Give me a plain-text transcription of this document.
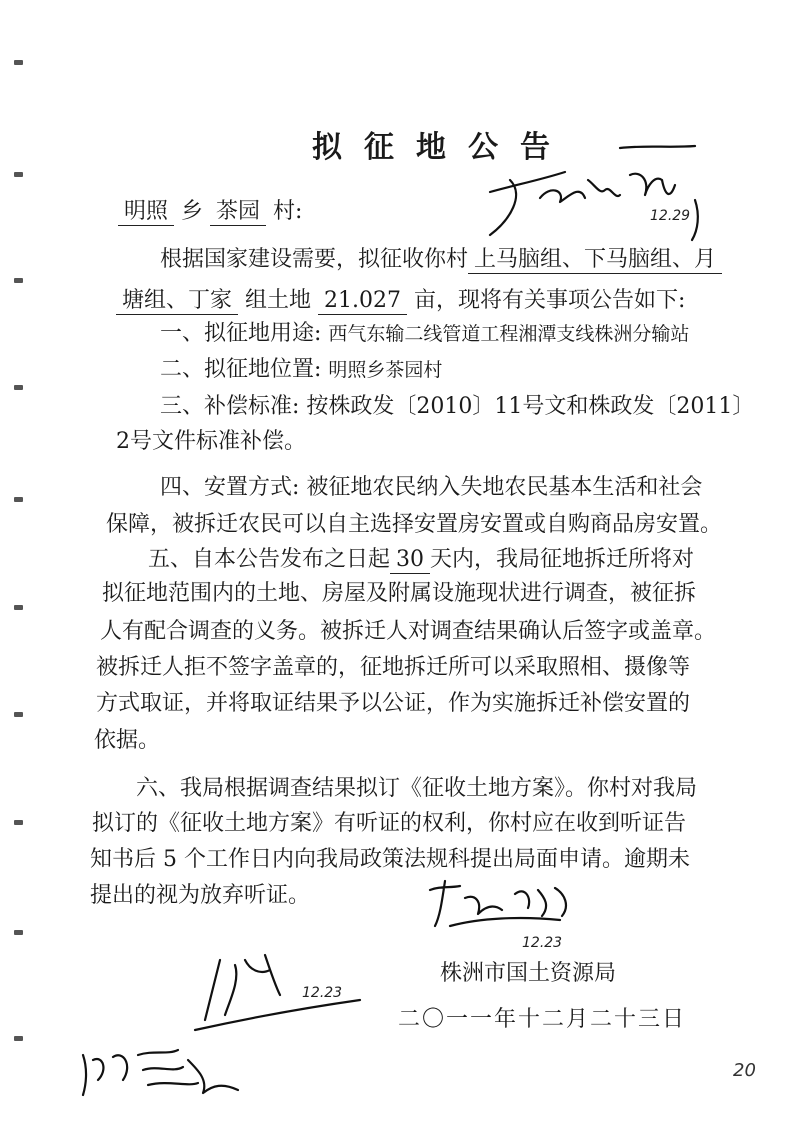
拟征地公告
12.29
明照 乡 茶园 村:
根据国家建设需要，拟征收你村 上马脑组、下马脑组、月
塘组、丁家 组土地 21.027 亩，现将有关事项公告如下:
一、拟征地用途: 西气东输二线管道工程湘潭支线株洲分输站
二、拟征地位置: 明照乡茶园村
三、补偿标准: 按株政发〔2010〕11号文和株政发〔2011〕
2号文件标准补偿。
四、安置方式: 被征地农民纳入失地农民基本生活和社会
保障，被拆迁农民可以自主选择安置房安置或自购商品房安置。
五、自本公告发布之日起 30 天内，我局征地拆迁所将对
拟征地范围内的土地、房屋及附属设施现状进行调查，被征拆
人有配合调查的义务。被拆迁人对调查结果确认后签字或盖章。
被拆迁人拒不签字盖章的，征地拆迁所可以采取照相、摄像等
方式取证，并将取证结果予以公证，作为实施拆迁补偿安置的
依据。
六、我局根据调查结果拟订《征收土地方案》。你村对我局
拟订的《征收土地方案》有听证的权利，你村应在收到听证告
知书后 5 个工作日内向我局政策法规科提出局面申请。逾期未
提出的视为放弃听证。
12.23
12.23
株洲市国土资源局
二〇一一年十二月二十三日
20
